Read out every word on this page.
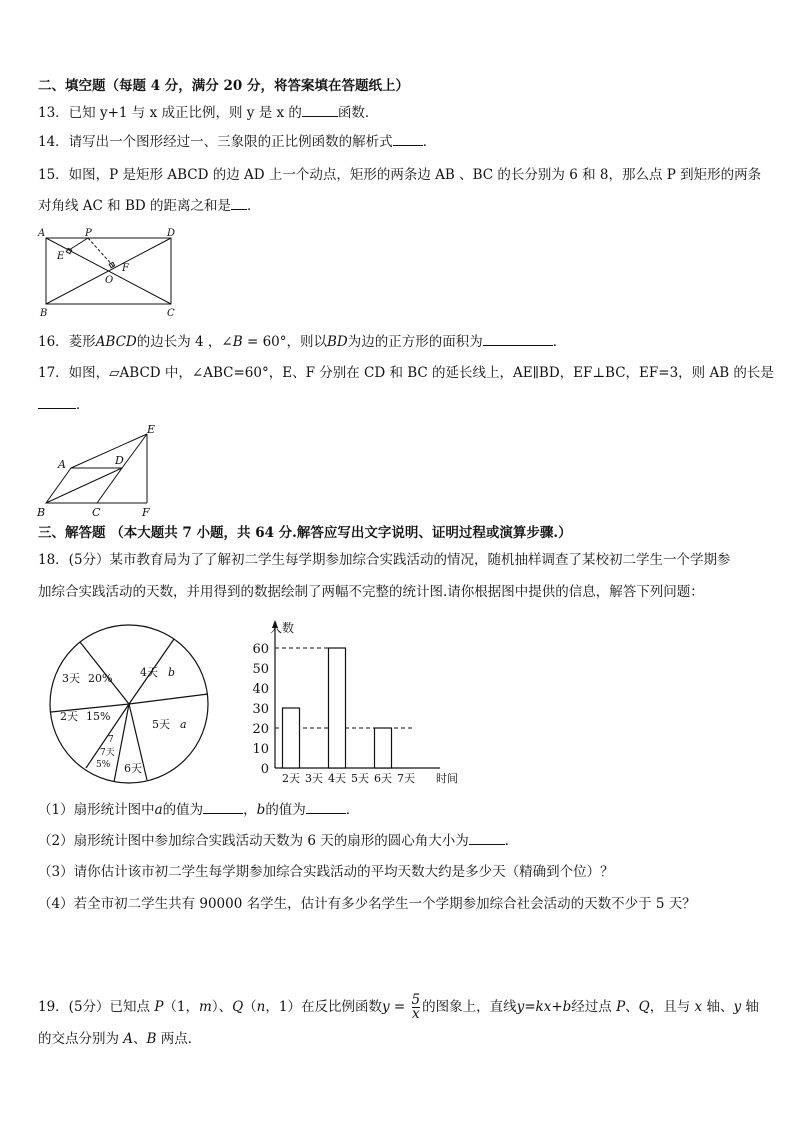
二、填空题（每题 4 分，满分 20 分，将答案填在答题纸上）
13．已知 y+1 与 x 成正比例，则 y 是 x 的	函数．
14．请写出一个图形经过一、三象限的正比例函数的解析式 ．
15．如图，P 是矩形 ABCD 的边 AD 上一个动点，矩形的两条边 AB 、BC 的长分别为 6 和 8，那么点 P 到矩形的两条
对角线 AC 和 BD 的距离之和是 ．
A	P	D
E
F
O
B	C
16．菱形ABCD的边长为 4 ，∠B = 60°，则以BD为边的正方形的面积为	．
17．如图，▱ABCD 中，∠ABC=60°，E、F 分别在 CD 和 BC 的延长线上，AE∥BD，EF⊥BC，EF=3，则 AB 的长是
．
A
B	C
D
E
F
三、解答题 （本大题共 7 小题，共 64 分.解答应写出文字说明、证明过程或演算步骤.）
18．(5分）某市教育局为了了解初二学生每学期参加综合实践活动的情况，随机抽样调查了某校初二学生一个学期参
加综合实践活动的天数，并用得到的数据绘制了两幅不完整的统计图.请你根据图中提供的信息，解答下列问题：
3天 20%	4天 b
5天 a
6天
2天 15%
7
7天
5%
人数
时间
0
10
20
30
40
50
60
2天 3天 4天 5天 6天 7天
（1）扇形统计图中a的值为	，b的值为	．
（2）扇形统计图中参加综合实践活动天数为 6 天的扇形的圆心角大小为	．
（3）请你估计该市初二学生每学期参加综合实践活动的平均天数大约是多少天（精确到个位）？
（4）若全市初二学生共有 90000 名学生，估计有多少名学生一个学期参加综合社会活动的天数不少于 5 天？
19．(5分）已知点 P（1，m）、Q（n，1）在反比例函数$y = \frac{5}{x}$ 的图象上，直线y=kx+b经过点 P、Q，且与 x 轴、y 轴
的交点分别为 A、B 两点．
